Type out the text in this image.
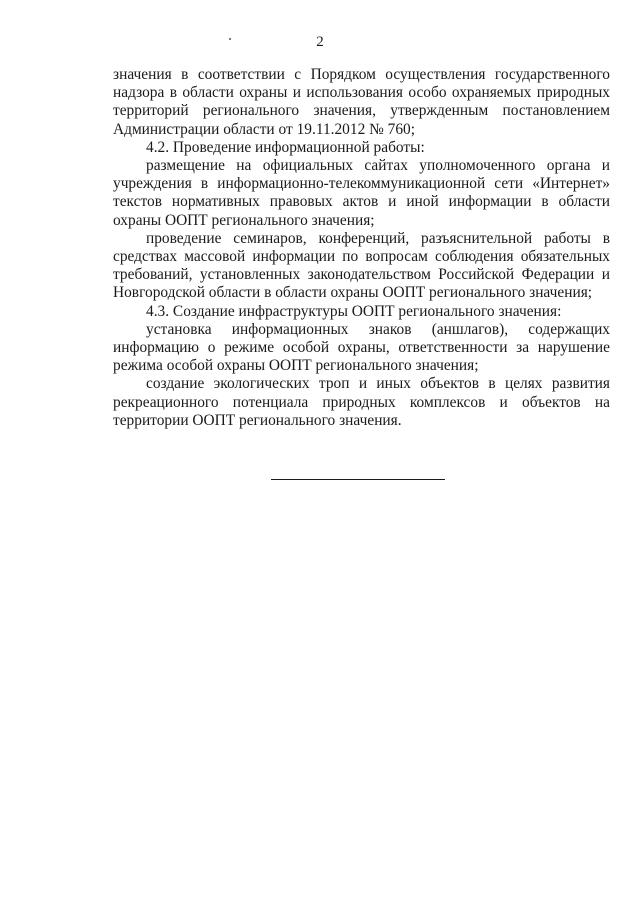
2

значения в соответствии с Порядком осуществления государственного надзора в области охраны и использования особо охраняемых природных территорий регионального значения, утвержденным постановлением Администрации области от 19.11.2012 № 760;

4.2. Проведение информационной работы:

размещение на официальных сайтах уполномоченного органа и учреждения в информационно-телекоммуникационной сети «Интернет» текстов нормативных правовых актов и иной информации в области охраны ООПТ регионального значения;

проведение семинаров, конференций, разъяснительной работы в средствах массовой информации по вопросам соблюдения обязательных требований, установленных законодательством Российской Федерации и Новгородской области в области охраны ООПТ регионального значения;

4.3. Создание инфраструктуры ООПТ регионального значения:

установка информационных знаков (аншлагов), содержащих информацию о режиме особой охраны, ответственности за нарушение режима особой охраны ООПТ регионального значения;

создание экологических троп и иных объектов в целях развития рекреационного потенциала природных комплексов и объектов на территории ООПТ регионального значения.
